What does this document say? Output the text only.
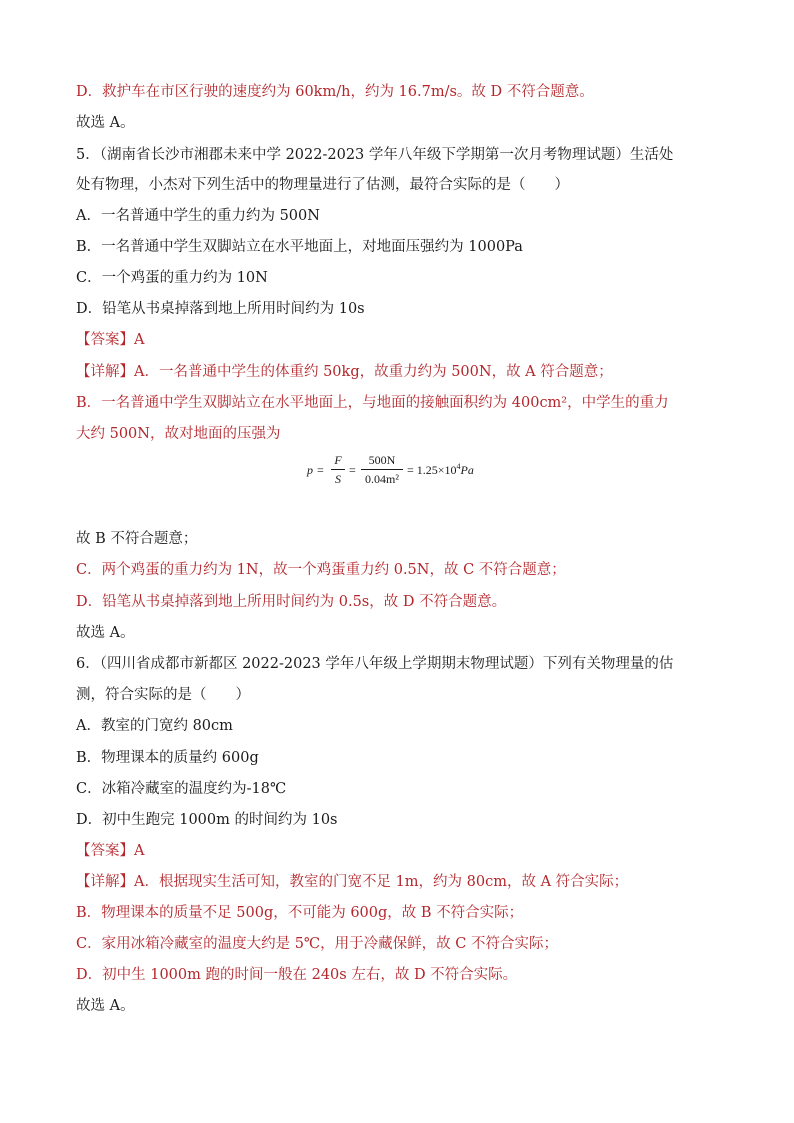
D．救护车在市区行驶的速度约为 60km/h，约为 16.7m/s。故 D 不符合题意。
故选 A。
5．（湖南省长沙市湘郡未来中学 2022-2023 学年八年级下学期第一次月考物理试题）生活处
处有物理，小杰对下列生活中的物理量进行了估测，最符合实际的是（　　）
A．一名普通中学生的重力约为 500N
B．一名普通中学生双脚站立在水平地面上，对地面压强约为 1000Pa
C．一个鸡蛋的重力约为 10N
D．铅笔从书桌掉落到地上所用时间约为 10s
【答案】A
【详解】A．一名普通中学生的体重约 50kg，故重力约为 500N，故 A 符合题意；
B．一名普通中学生双脚站立在水平地面上，与地面的接触面积约为 400cm²，中学生的重力
大约 500N，故对地面的压强为
p =
F
S
=
500N
0.04m²
= $1.25\times 10^4Pa$
故 B 不符合题意；
C．两个鸡蛋的重力约为 1N，故一个鸡蛋重力约 0.5N，故 C 不符合题意；
D．铅笔从书桌掉落到地上所用时间约为 0.5s，故 D 不符合题意。
故选 A。
6．（四川省成都市新都区 2022-2023 学年八年级上学期期末物理试题）下列有关物理量的估
测，符合实际的是（　　）
A．教室的门宽约 80cm
B．物理课本的质量约 600g
C．冰箱冷藏室的温度约为-18℃
D．初中生跑完 1000m 的时间约为 10s
【答案】A
【详解】A．根据现实生活可知，教室的门宽不足 1m，约为 80cm，故 A 符合实际；
B．物理课本的质量不足 500g，不可能为 600g，故 B 不符合实际；
C．家用冰箱冷藏室的温度大约是 5℃，用于冷藏保鲜，故 C 不符合实际；
D．初中生 1000m 跑的时间一般在 240s 左右，故 D 不符合实际。
故选 A。
